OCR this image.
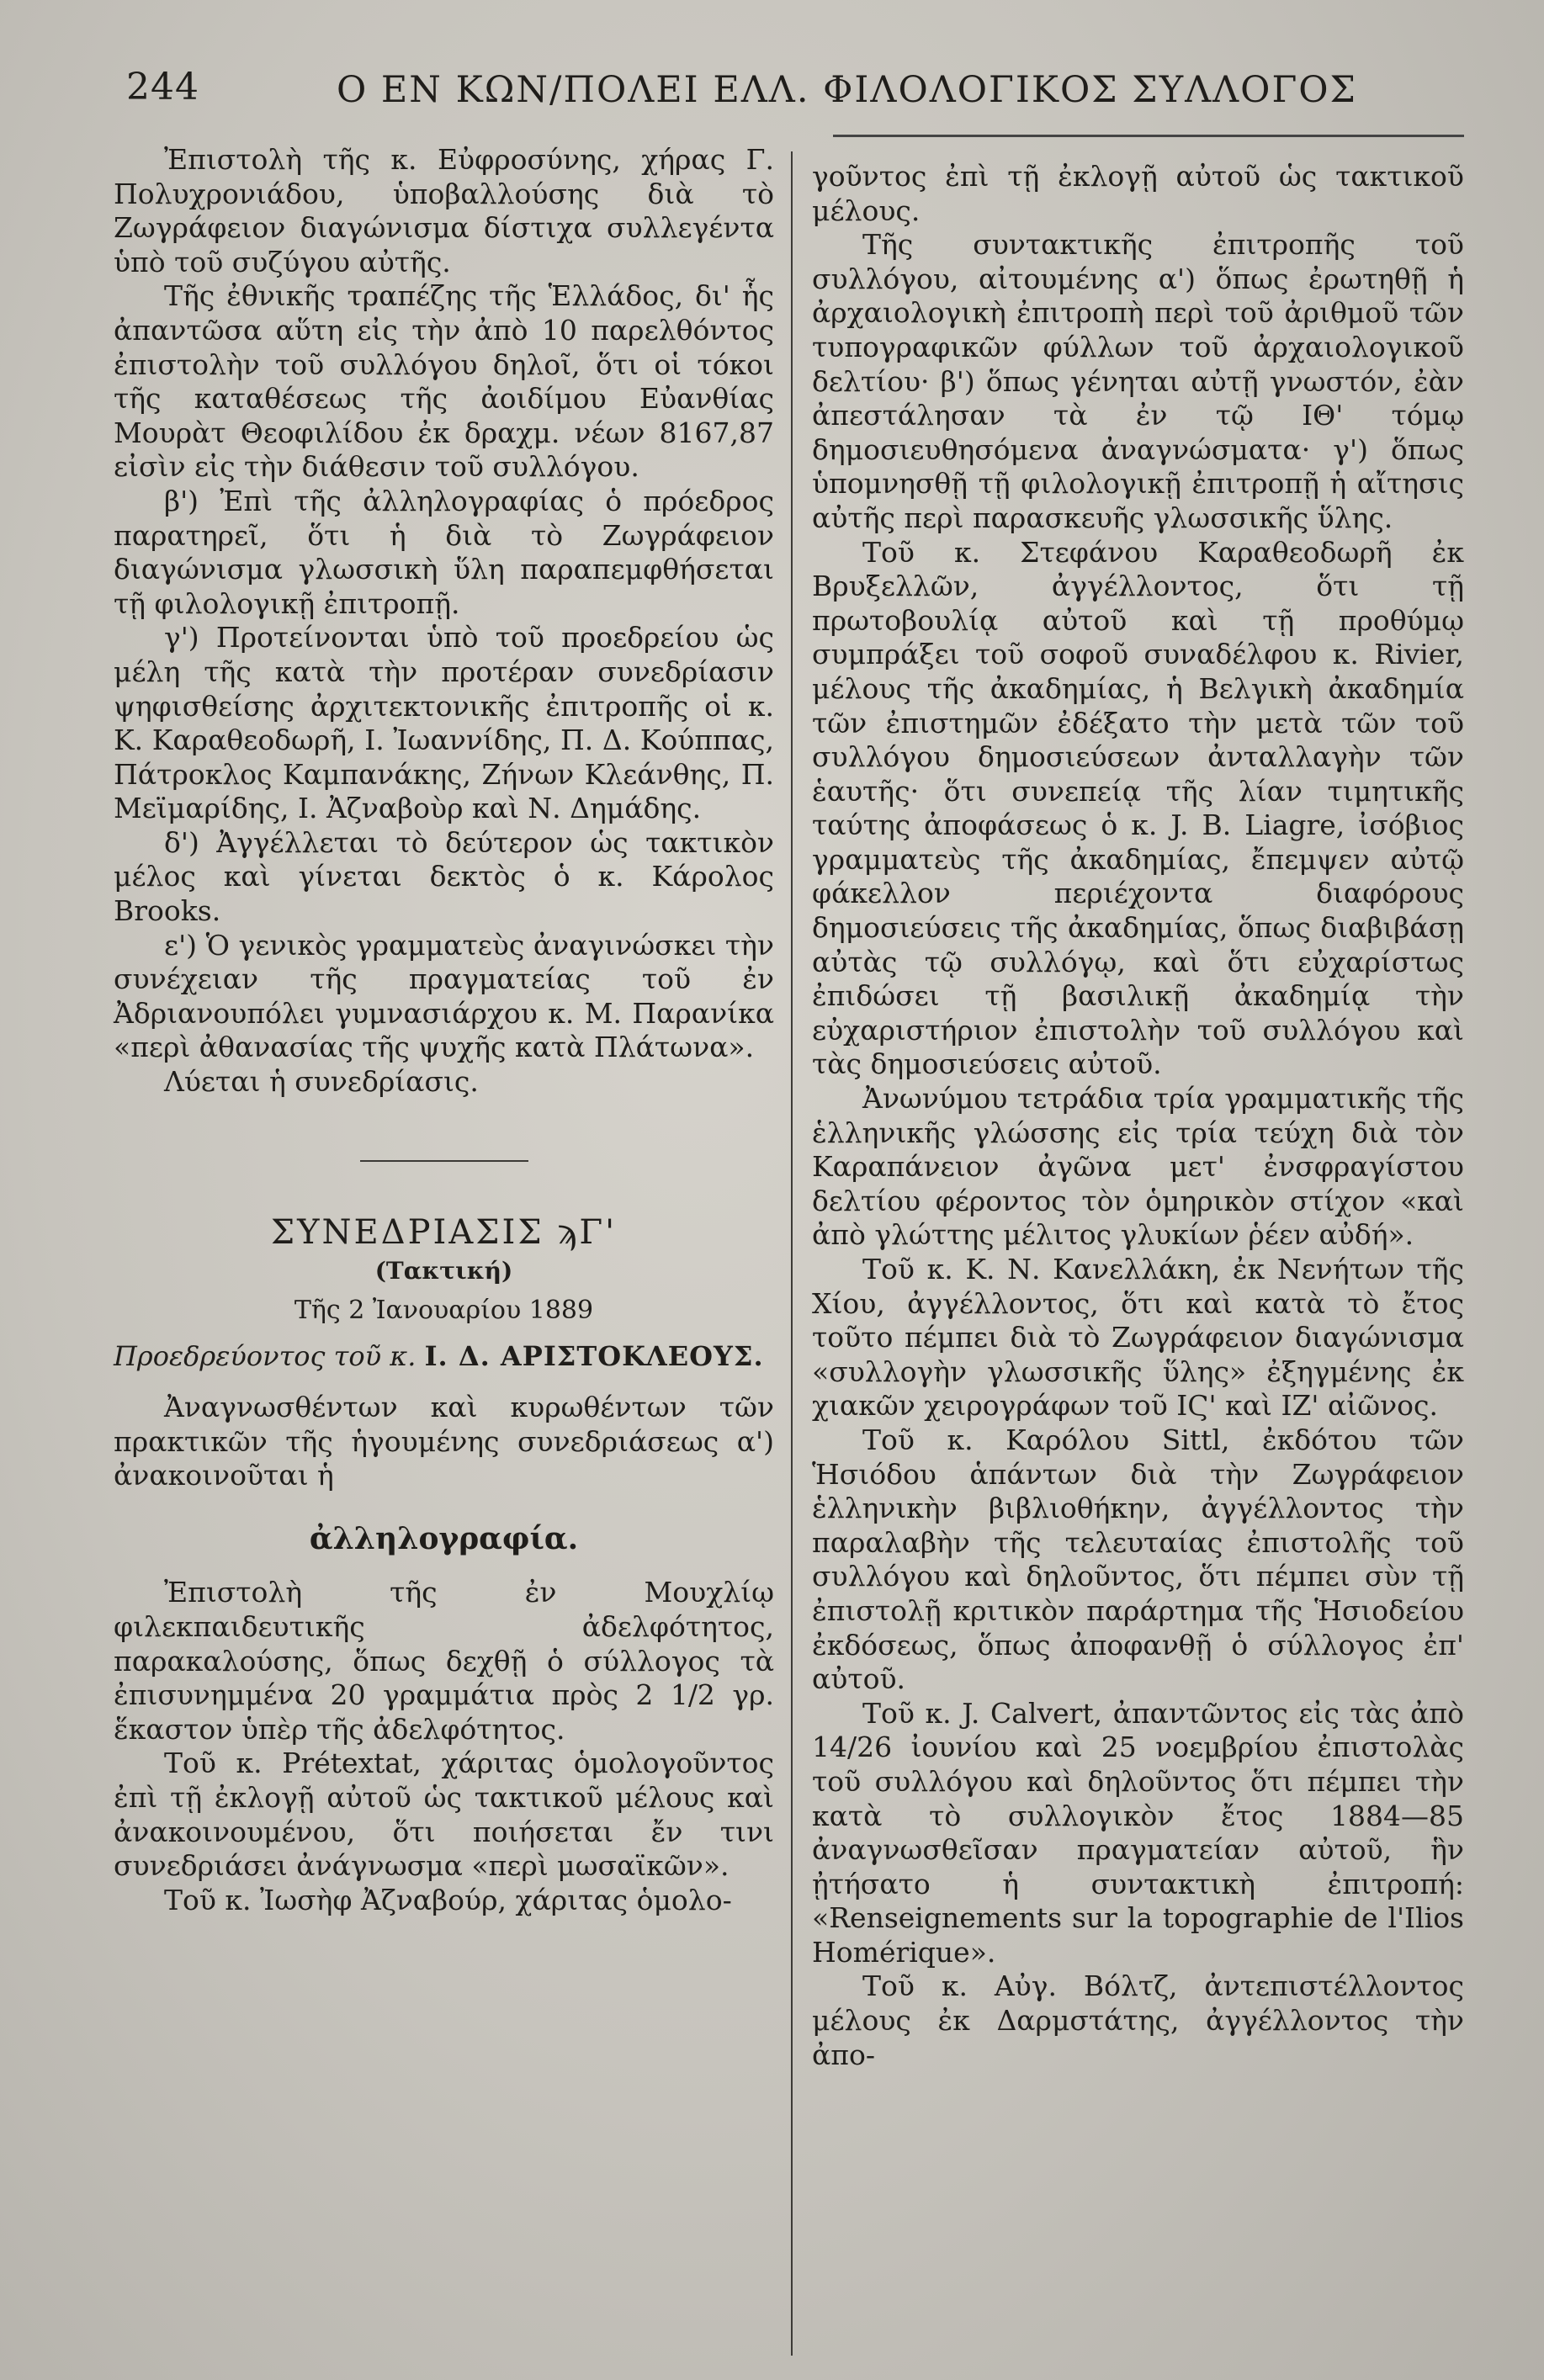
244	Ο ΕΝ ΚΩΝ/ΠΟΛΕΙ ΕΛΛ. ΦΙΛΟΛΟΓΙΚΟΣ ΣΥΛΛΟΓΟΣ

Ἐπιστολὴ τῆς κ. Εὐφροσύνης, χήρας Γ. Πολυχρονιάδου, ὑποβαλλούσης διὰ τὸ Ζωγράφειον διαγώνισμα δίστιχα συλλεγέντα ὑπὸ τοῦ συζύγου αὐτῆς.

Τῆς ἐθνικῆς τραπέζης τῆς Ἑλλάδος, δι' ἧς ἀπαντῶσα αὕτη εἰς τὴν ἀπὸ 10 παρελθόντος ἐπιστολὴν τοῦ συλλόγου δηλοῖ, ὅτι οἱ τόκοι τῆς καταθέσεως τῆς ἀοιδίμου Εὐανθίας Μουρὰτ Θεοφιλίδου ἐκ δραχμ. νέων 8167,87 εἰσὶν εἰς τὴν διάθεσιν τοῦ συλλόγου.

β') Ἐπὶ τῆς ἀλληλογραφίας ὁ πρόεδρος παρατηρεῖ, ὅτι ἡ διὰ τὸ Ζωγράφειον διαγώνισμα γλωσσικὴ ὕλη παραπεμφθήσεται τῇ φιλολογικῇ ἐπιτροπῇ.

γ') Προτείνονται ὑπὸ τοῦ προεδρείου ὡς μέλη τῆς κατὰ τὴν προτέραν συνεδρίασιν ψηφισθείσης ἀρχιτεκτονικῆς ἐπιτροπῆς οἱ κ. Κ. Καραθεοδωρῆ, Ι. Ἰωαννίδης, Π. Δ. Κούππας, Πάτροκλος Καμπανάκης, Ζήνων Κλεάνθης, Π. Μεϊμαρίδης, Ι. Ἀζναβοὺρ καὶ Ν. Δημάδης.

δ') Ἀγγέλλεται τὸ δεύτερον ὡς τακτικὸν μέλος καὶ γίνεται δεκτὸς ὁ κ. Κάρολος Brooks.

ε') Ὁ γενικὸς γραμματεὺς ἀναγινώσκει τὴν συνέχειαν τῆς πραγματείας τοῦ ἐν Ἀδριανουπόλει γυμνασιάρχου κ. Μ. Παρανίκα «περὶ ἀθανασίας τῆς ψυχῆς κατὰ Πλάτωνα».

Λύεται ἡ συνεδρίασις.

ΣΥΝΕΔΡΙΑΣΙΣ ϡΓ'

(Τακτική)

Τῆς 2 Ἰανουαρίου 1889

Προεδρεύοντος τοῦ κ. Ι. Δ. ΑΡΙΣΤΟΚΛΕΟΥΣ.

Ἀναγνωσθέντων καὶ κυρωθέντων τῶν πρακτικῶν τῆς ἡγουμένης συνεδριάσεως α') ἀνακοινοῦται ἡ

ἀλληλογραφία.

Ἐπιστολὴ τῆς ἐν Μουχλίῳ φιλεκπαιδευτικῆς ἀδελφότητος, παρακαλούσης, ὅπως δεχθῇ ὁ σύλλογος τὰ ἐπισυνημμένα 20 γραμμάτια πρὸς 2 1/2 γρ. ἕκαστον ὑπὲρ τῆς ἀδελφότητος.

Τοῦ κ. Prétextat, χάριτας ὁμολογοῦντος ἐπὶ τῇ ἐκλογῇ αὐτοῦ ὡς τακτικοῦ μέλους καὶ ἀνακοινουμένου, ὅτι ποιήσεται ἔν τινι συνεδριάσει ἀνάγνωσμα «περὶ μωσαϊκῶν».

Τοῦ κ. Ἰωσὴφ Ἀζναβούρ, χάριτας ὁμολο-

γοῦντος ἐπὶ τῇ ἐκλογῇ αὐτοῦ ὡς τακτικοῦ μέλους.

Τῆς συντακτικῆς ἐπιτροπῆς τοῦ συλλόγου, αἰτουμένης α') ὅπως ἐρωτηθῇ ἡ ἀρχαιολογικὴ ἐπιτροπὴ περὶ τοῦ ἀριθμοῦ τῶν τυπογραφικῶν φύλλων τοῦ ἀρχαιολογικοῦ δελτίου· β') ὅπως γένηται αὐτῇ γνωστόν, ἐὰν ἀπεστάλησαν τὰ ἐν τῷ ΙΘ' τόμῳ δημοσιευθησόμενα ἀναγνώσματα· γ') ὅπως ὑπομνησθῇ τῇ φιλολογικῇ ἐπιτροπῇ ἡ αἴτησις αὐτῆς περὶ παρασκευῆς γλωσσικῆς ὕλης.

Τοῦ κ. Στεφάνου Καραθεοδωρῆ ἐκ Βρυξελλῶν, ἀγγέλλοντος, ὅτι τῇ πρωτοβουλίᾳ αὐτοῦ καὶ τῇ προθύμῳ συμπράξει τοῦ σοφοῦ συναδέλφου κ. Rivier, μέλους τῆς ἀκαδημίας, ἡ Βελγικὴ ἀκαδημία τῶν ἐπιστημῶν ἐδέξατο τὴν μετὰ τῶν τοῦ συλλόγου δημοσιεύσεων ἀνταλλαγὴν τῶν ἑαυτῆς· ὅτι συνεπείᾳ τῆς λίαν τιμητικῆς ταύτης ἀποφάσεως ὁ κ. J. B. Liagre, ἰσόβιος γραμματεὺς τῆς ἀκαδημίας, ἔπεμψεν αὐτῷ φάκελλον περιέχοντα διαφόρους δημοσιεύσεις τῆς ἀκαδημίας, ὅπως διαβιβάσῃ αὐτὰς τῷ συλλόγῳ, καὶ ὅτι εὐχαρίστως ἐπιδώσει τῇ βασιλικῇ ἀκαδημίᾳ τὴν εὐχαριστήριον ἐπιστολὴν τοῦ συλλόγου καὶ τὰς δημοσιεύσεις αὐτοῦ.

Ἀνωνύμου τετράδια τρία γραμματικῆς τῆς ἑλληνικῆς γλώσσης εἰς τρία τεύχη διὰ τὸν Καραπάνειον ἀγῶνα μετ' ἐνσφραγίστου δελτίου φέροντος τὸν ὁμηρικὸν στίχον «καὶ ἀπὸ γλώττης μέλιτος γλυκίων ῥέεν αὐδή».

Τοῦ κ. Κ. Ν. Κανελλάκη, ἐκ Νενήτων τῆς Χίου, ἀγγέλλοντος, ὅτι καὶ κατὰ τὸ ἔτος τοῦτο πέμπει διὰ τὸ Ζωγράφειον διαγώνισμα «συλλογὴν γλωσσικῆς ὕλης» ἐξηγμένης ἐκ χιακῶν χειρογράφων τοῦ ΙϚ' καὶ ΙΖ' αἰῶνος.

Τοῦ κ. Καρόλου Sittl, ἐκδότου τῶν Ἡσιόδου ἁπάντων διὰ τὴν Ζωγράφειον ἑλληνικὴν βιβλιοθήκην, ἀγγέλλοντος τὴν παραλαβὴν τῆς τελευταίας ἐπιστολῆς τοῦ συλλόγου καὶ δηλοῦντος, ὅτι πέμπει σὺν τῇ ἐπιστολῇ κριτικὸν παράρτημα τῆς Ἡσιοδείου ἐκδόσεως, ὅπως ἀποφανθῇ ὁ σύλλογος ἐπ' αὐτοῦ.

Τοῦ κ. J. Calvert, ἀπαντῶντος εἰς τὰς ἀπὸ 14/26 ἰουνίου καὶ 25 νοεμβρίου ἐπιστολὰς τοῦ συλλόγου καὶ δηλοῦντος ὅτι πέμπει τὴν κατὰ τὸ συλλογικὸν ἔτος 1884—85 ἀναγνωσθεῖσαν πραγματείαν αὐτοῦ, ἣν ᾐτήσατο ἡ συντακτικὴ ἐπιτροπή: «Renseignements sur la topographie de l'Ilios Homérique».

Τοῦ κ. Αὐγ. Βόλτζ, ἀντεπιστέλλοντος μέλους ἐκ Δαρμστάτης, ἀγγέλλοντος τὴν ἀπο-
